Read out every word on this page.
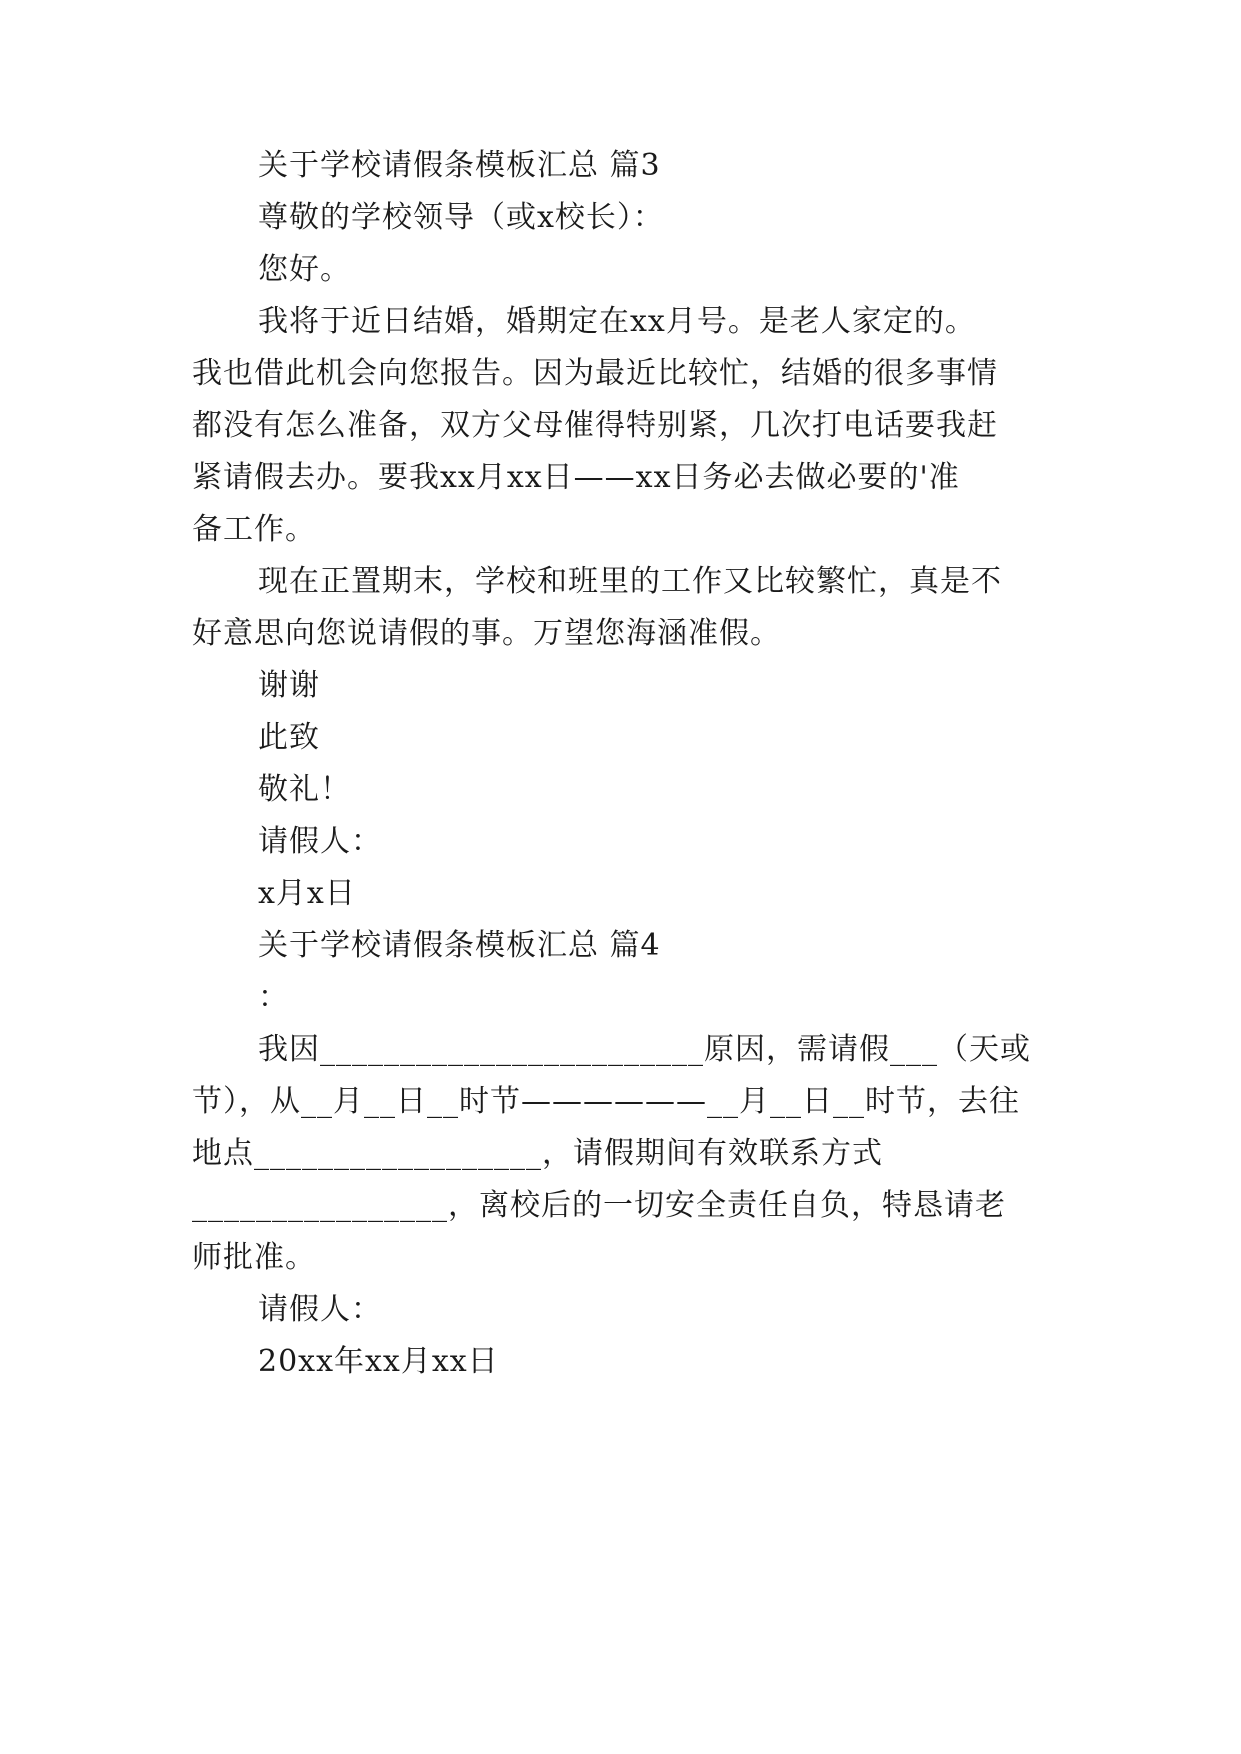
关于学校请假条模板汇总 篇3
尊敬的学校领导（或x校长）：
您好。
我将于近日结婚，婚期定在xx月号。是老人家定的。
我也借此机会向您报告。因为最近比较忙，结婚的很多事情
都没有怎么准备，双方父母催得特别紧，几次打电话要我赶
紧请假去办。要我xx月xx日——xx日务必去做必要的'准
备工作。
现在正置期末，学校和班里的工作又比较繁忙，真是不
好意思向您说请假的事。万望您海涵准假。
谢谢
此致
敬礼！
请假人：
x月x日
关于学校请假条模板汇总 篇4
：
我因________________________原因，需请假___（天或
节），从__月__日__时节——————__月__日__时节，去往
地点__________________，请假期间有效联系方式
________________，离校后的一切安全责任自负，特恳请老
师批准。
请假人：
20xx年xx月xx日
